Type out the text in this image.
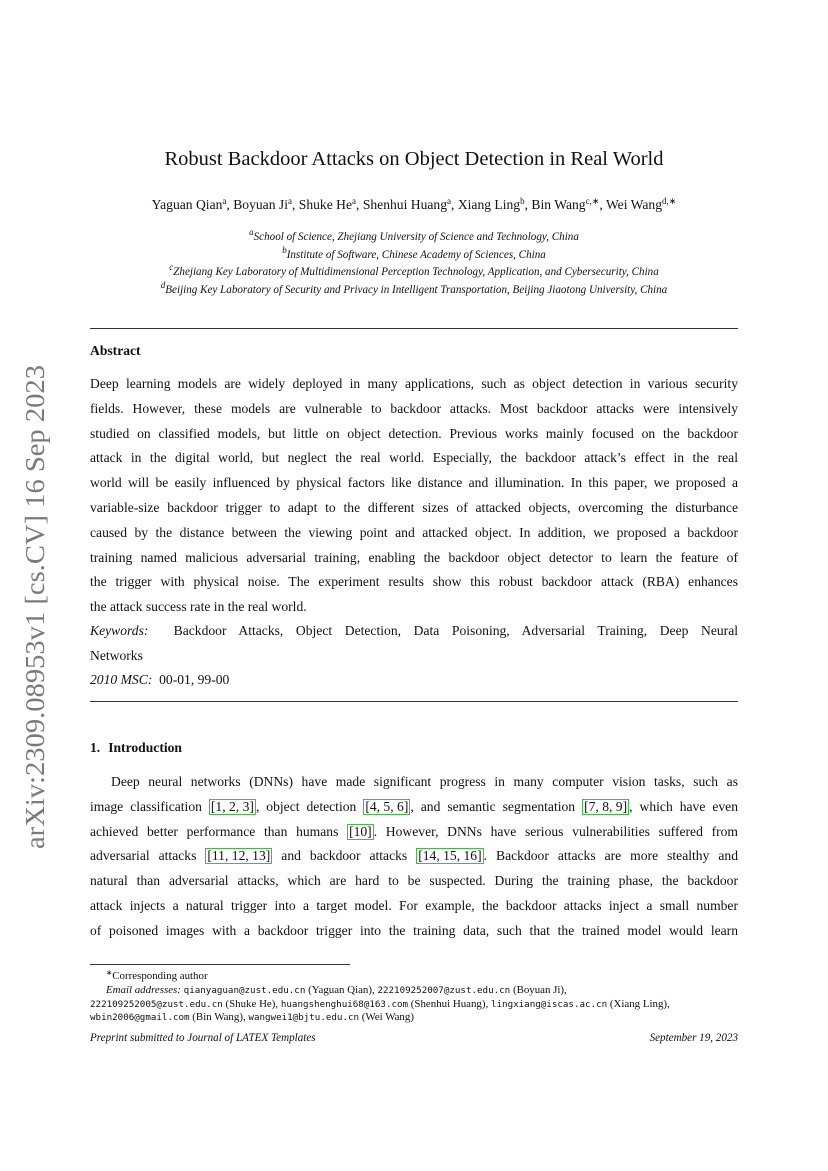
arXiv:2309.08953v1 [cs.CV] 16 Sep 2023
Robust Backdoor Attacks on Object Detection in Real World
Yaguan Qian$^a$, Boyuan Ji$^a$, Shuke He$^a$, Shenhui Huang$^a$, Xiang Ling$^b$, Bin Wang$^{c,∗}$, Wei Wang$^{d,∗}$
$^a$School of Science, Zhejiang University of Science and Technology, China
$^b$Institute of Software, Chinese Academy of Sciences, China
$^c$Zhejiang Key Laboratory of Multidimensional Perception Technology, Application, and Cybersecurity, China
$^d$Beijing Key Laboratory of Security and Privacy in Intelligent Transportation, Beijing Jiaotong University, China
Abstract
Deep learning models are widely deployed in many applications, such as object detection in various security
fields. However, these models are vulnerable to backdoor attacks. Most backdoor attacks were intensively
studied on classified models, but little on object detection. Previous works mainly focused on the backdoor
attack in the digital world, but neglect the real world. Especially, the backdoor attack’s effect in the real
world will be easily influenced by physical factors like distance and illumination. In this paper, we proposed a
variable-size backdoor trigger to adapt to the different sizes of attacked objects, overcoming the disturbance
caused by the distance between the viewing point and attacked object. In addition, we proposed a backdoor
training named malicious adversarial training, enabling the backdoor object detector to learn the feature of
the trigger with physical noise. The experiment results show this robust backdoor attack (RBA) enhances
the attack success rate in the real world.
Keywords: Backdoor Attacks, Object Detection, Data Poisoning, Adversarial Training, Deep Neural
Networks
2010 MSC: 00-01, 99-00
1. Introduction
Deep neural networks (DNNs) have made significant progress in many computer vision tasks, such as
image classification [1, 2, 3] , object detection [4, 5, 6] , and semantic segmentation [7, 8, 9] , which have even
achieved better performance than humans [10] . However, DNNs have serious vulnerabilities suffered from
adversarial attacks [11, 12, 13] and backdoor attacks [14, 15, 16] . Backdoor attacks are more stealthy and
natural than adversarial attacks, which are hard to be suspected. During the training phase, the backdoor
attack injects a natural trigger into a target model. For example, the backdoor attacks inject a small number
of poisoned images with a backdoor trigger into the training data, such that the trained model would learn
∗Corresponding author
Email addresses: qianyaguan@zust.edu.cn (Yaguan Qian), 222109252007@zust.edu.cn (Boyuan Ji),
222109252005@zust.edu.cn (Shuke He), huangshenghui68@163.com (Shenhui Huang), lingxiang@iscas.ac.cn (Xiang Ling),
wbin2006@gmail.com (Bin Wang), wangwei1@bjtu.edu.cn (Wei Wang)
Preprint submitted to Journal of LATEX Templates	September 19, 2023
